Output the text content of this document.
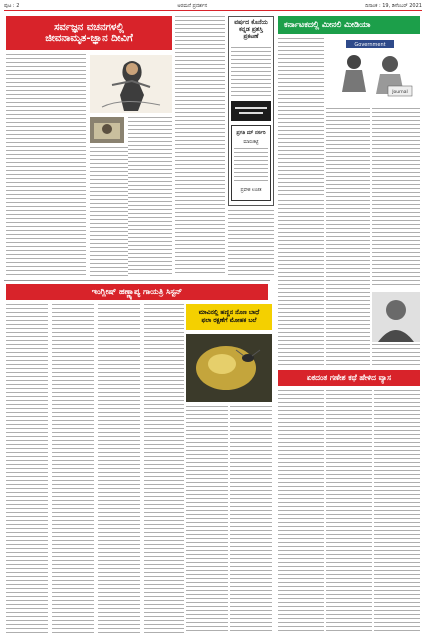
ಪುಟ : 2	ಅರಮನೆ ಪ್ರದರ್ಶನ	ದಿನಾಂಕ : 19, ಡಿಸೆಂಬರ್ 2021
ಸರ್ವಜ್ಞನ ವಚನಗಳಲ್ಲಿ
ಜೀವನಾಮೃತ-ಜ್ಞಾನ ದೀವಿಗೆ
ವರ್ಷದ ಕೊನೆಯ ಕನ್ನಡ ಪ್ರಶಸ್ತಿ ಪ್ರಕಟಣೆ
ಪ್ರಗತಿ ಮ್ ನರ್ಸರಿ
ಮಾರುಕಟ್ಟೆ
ಪ್ರವೇಶ ಉಚಿತ
ಕರ್ನಾಟಕದಲ್ಲಿ ಮೀನಲಿ ಮೀಡಿಯಾ
Government
Journal
ಇಂಗ್ಲೀಷ್ ಹಣ್ಣ್ಯಾಪ್ಯ ಗಾಯತ್ರಿ ಸಿಸ್ಟನ್
ಮಾವಿನಲ್ಲಿ ಹಣ್ಣಿನ ನೊಣ ಬಾಧೆ
ಫಲಾ ರಕ್ಷಣೆಗೆ ಮೋಹಕ ಬಲೆ
ಏಕದಂತ ಗಣೇಶ ಕಥೆ ಹೇಳಿದ ವ್ಯಾಸ
